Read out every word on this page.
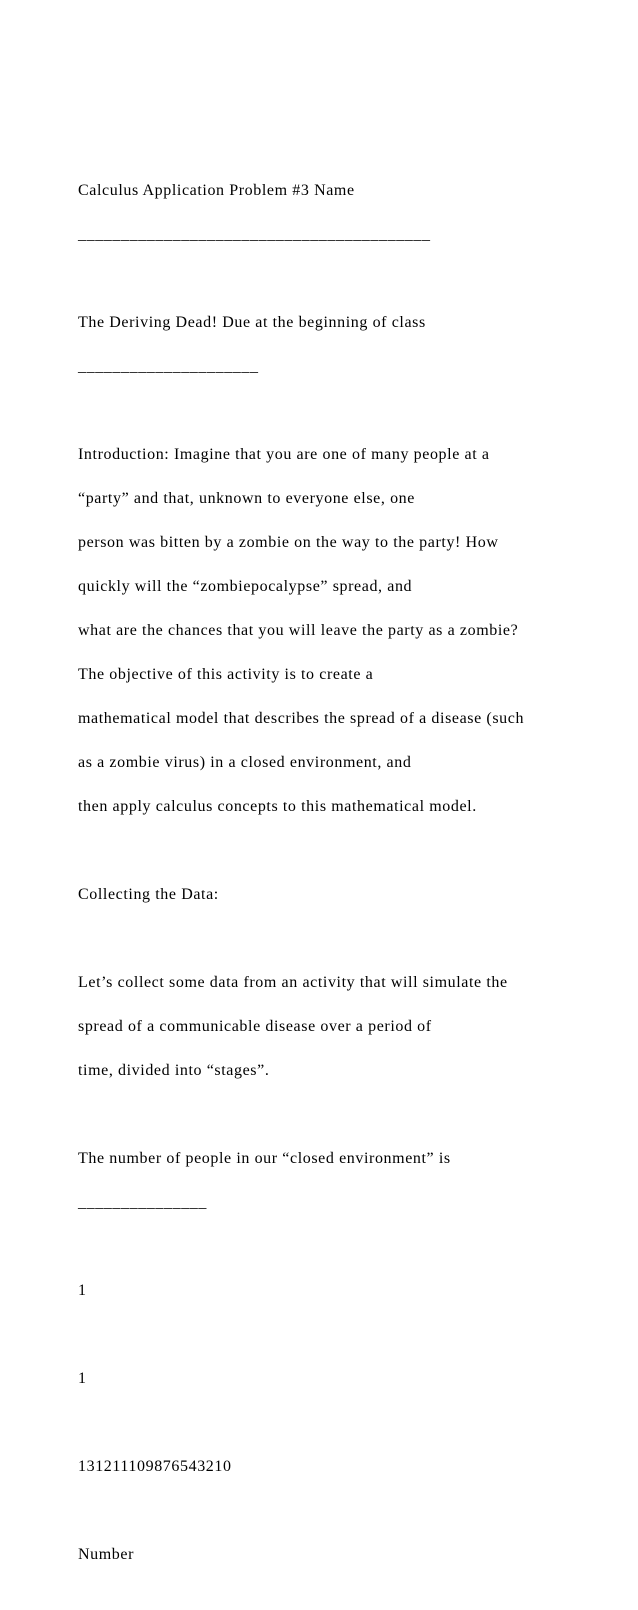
Calculus Application Problem #3 Name

_________________________________________

The Deriving Dead! Due at the beginning of class

_____________________

Introduction: Imagine that you are one of many people at a

“party” and that, unknown to everyone else, one

person was bitten by a zombie on the way to the party! How

quickly will the “zombiepocalypse” spread, and

what are the chances that you will leave the party as a zombie?

The objective of this activity is to create a

mathematical model that describes the spread of a disease (such

as a zombie virus) in a closed environment, and

then apply calculus concepts to this mathematical model.

Collecting the Data:

Let’s collect some data from an activity that will simulate the

spread of a communicable disease over a period of

time, divided into “stages”.

The number of people in our “closed environment” is

_______________

1

1

131211109876543210

Number
